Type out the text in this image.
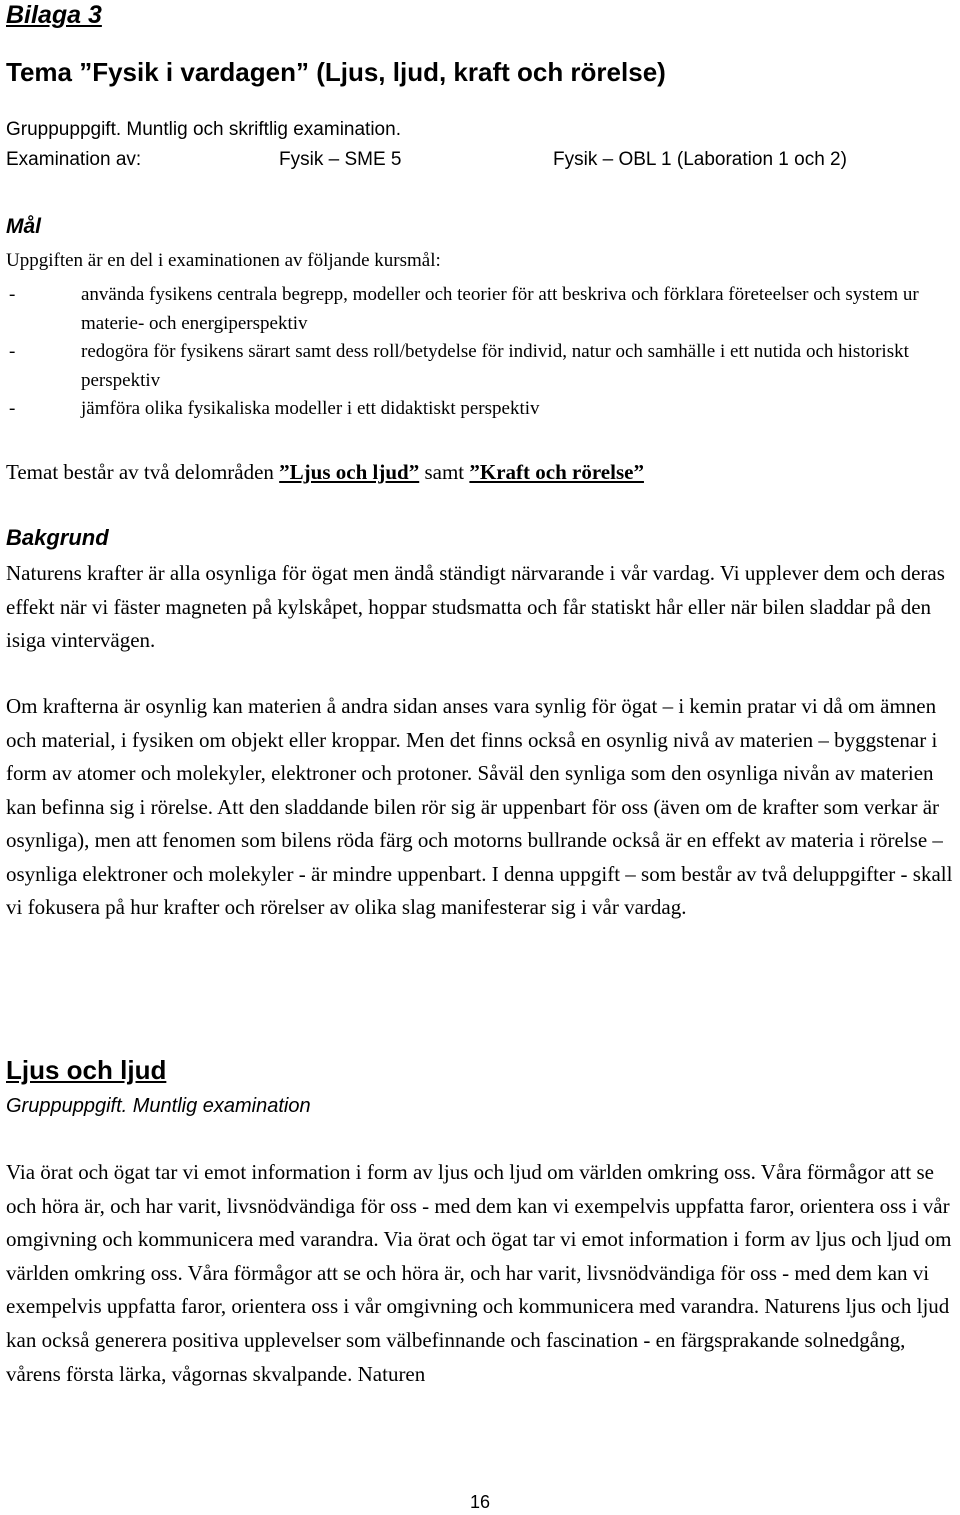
Bilaga 3
Tema ”Fysik i vardagen” (Ljus, ljud, kraft och rörelse)
Gruppuppgift. Muntlig och skriftlig examination.
Examination av:	Fysik – SME 5	Fysik – OBL 1 (Laboration 1 och 2)
Mål
Uppgiften är en del i examinationen av följande kursmål:
-	använda fysikens centrala begrepp, modeller och teorier för att beskriva och förklara företeelser och system ur materie- och energiperspektiv
-	redogöra för fysikens särart samt dess roll/betydelse för individ, natur och samhälle i ett nutida och historiskt perspektiv
-	jämföra olika fysikaliska modeller i ett didaktiskt perspektiv
Temat består av två delområden ”Ljus och ljud” samt ”Kraft och rörelse”
Bakgrund

Naturens krafter är alla osynliga för ögat men ändå ständigt närvarande i vår vardag. Vi upplever dem och deras effekt när vi fäster magneten på kylskåpet, hoppar studsmatta och får statiskt hår eller när bilen sladdar på den isiga vintervägen.

Om krafterna är osynlig kan materien å andra sidan anses vara synlig för ögat – i kemin pratar vi då om ämnen och material, i fysiken om objekt eller kroppar. Men det finns också en osynlig nivå av materien – byggstenar i form av atomer och molekyler, elektroner och protoner. Såväl den synliga som den osynliga nivån av materien kan befinna sig i rörelse. Att den sladdande bilen rör sig är uppenbart för oss (även om de krafter som verkar är osynliga), men att fenomen som bilens röda färg och motorns bullrande också är en effekt av materia i rörelse – osynliga elektroner och molekyler - är mindre uppenbart. I denna uppgift – som består av två deluppgifter - skall vi fokusera på hur krafter och rörelser av olika slag manifesterar sig i vår vardag.

Ljus och ljud
Gruppuppgift. Muntlig examination

Via örat och ögat tar vi emot information i form av ljus och ljud om världen omkring oss. Våra förmågor att se och höra är, och har varit, livsnödvändiga för oss - med dem kan vi exempelvis uppfatta faror, orientera oss i vår omgivning och kommunicera med varandra. Via örat och ögat tar vi emot information i form av ljus och ljud om världen omkring oss. Våra förmågor att se och höra är, och har varit, livsnödvändiga för oss - med dem kan vi exempelvis uppfatta faror, orientera oss i vår omgivning och kommunicera med varandra. Naturens ljus och ljud kan också generera positiva upplevelser som välbefinnande och fascination - en färgsprakande solnedgång, vårens första lärka, vågornas skvalpande. Naturen

16
